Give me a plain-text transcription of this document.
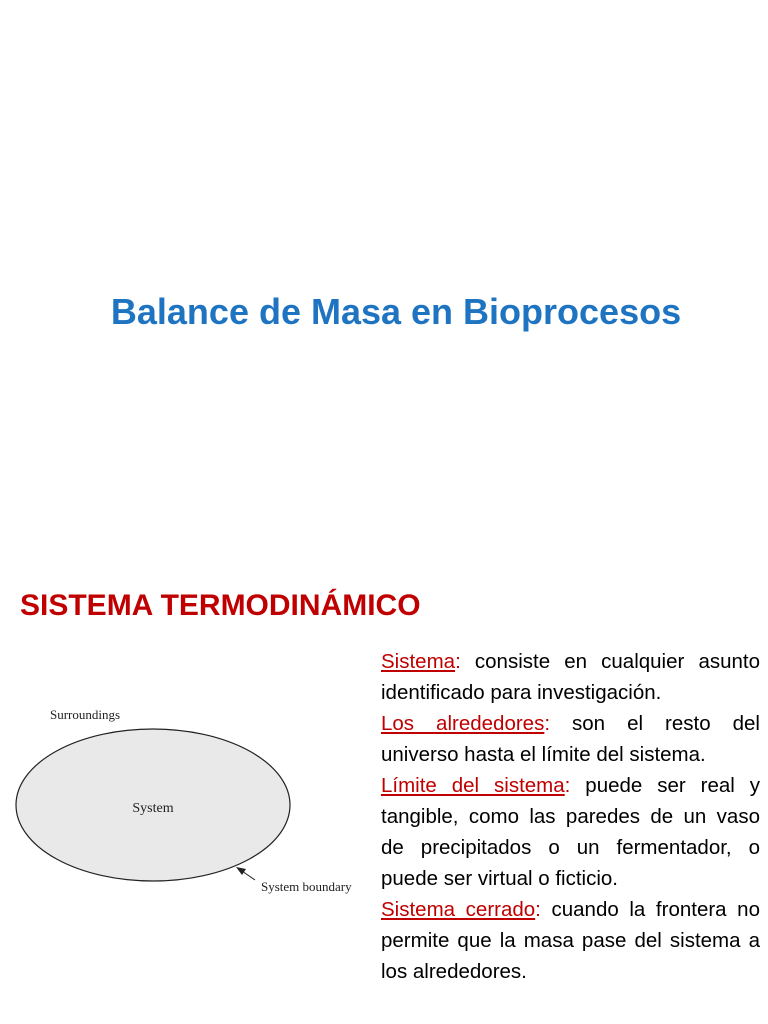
Balance de Masa en Bioprocesos
SISTEMA TERMODINÁMICO
Surroundings
System
System boundary

Sistema: consiste en cualquier asunto identificado para investigación.

Los alrededores: son el resto del universo hasta el límite del sistema.

Límite del sistema: puede ser real y tangible, como las paredes de un vaso de precipitados o un fermentador, o puede ser virtual o ficticio.

Sistema cerrado: cuando la frontera no permite que la masa pase del sistema a los alrededores.
